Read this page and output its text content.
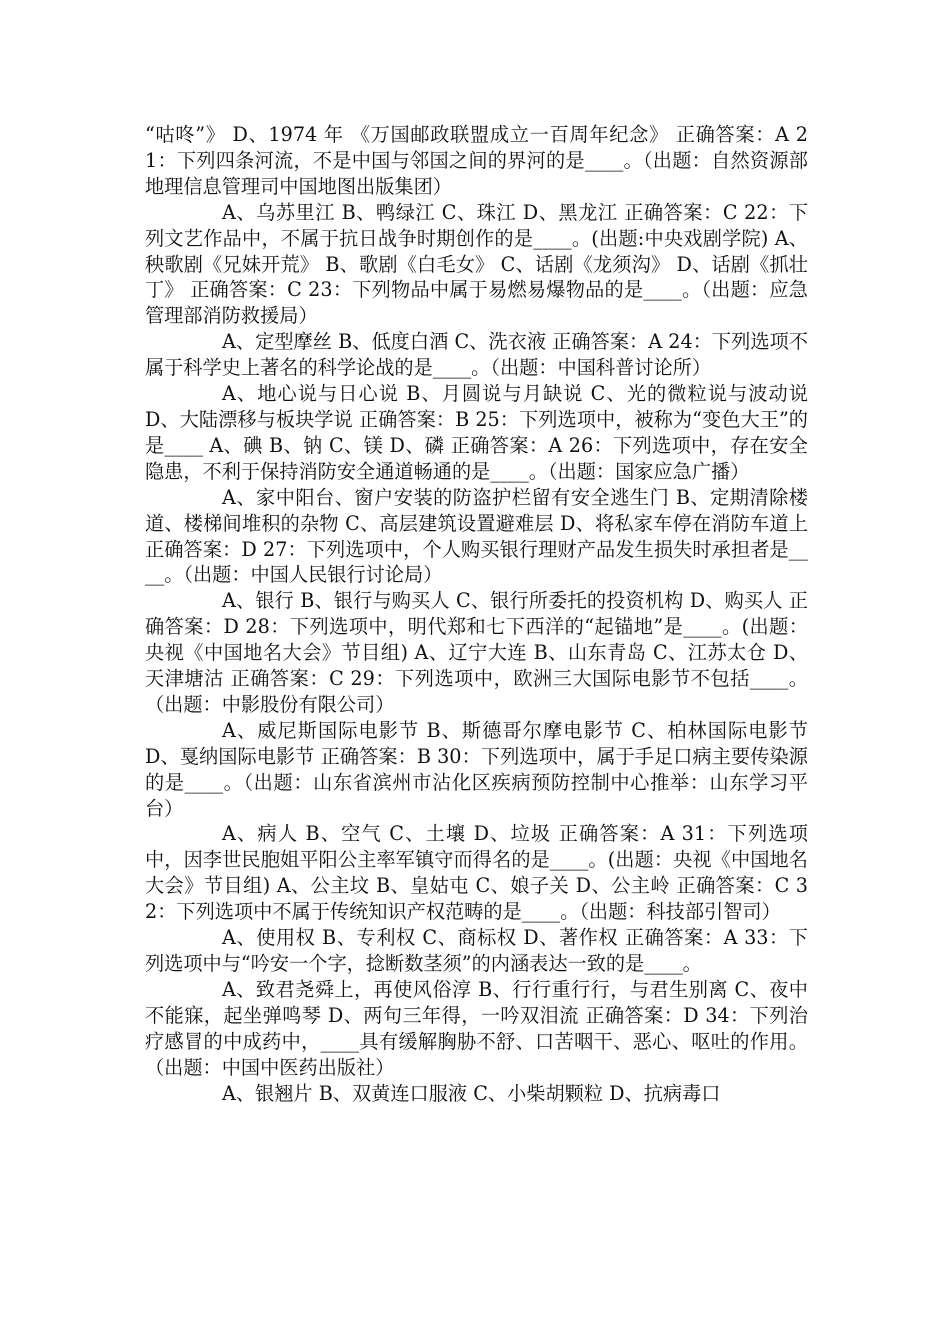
“咕咚”》 D、1974 年 《万国邮政联盟成立一百周年纪念》 正确答案：A 21：下列四条河流，不是中国与邻国之间的界河的是____。（出题：自然资源部地理信息管理司中国地图出版集团）

A、乌苏里江 B、鸭绿江 C、珠江 D、黑龙江 正确答案：C 22：下列文艺作品中，不属于抗日战争时期创作的是____。(出题:中央戏剧学院) A、秧歌剧《兄妹开荒》 B、歌剧《白毛女》 C、话剧《龙须沟》 D、话剧《抓壮丁》 正确答案：C 23：下列物品中属于易燃易爆物品的是____。（出题：应急管理部消防救援局）

A、定型摩丝 B、低度白酒 C、洗衣液 正确答案：A 24：下列选项不属于科学史上著名的科学论战的是____。（出题：中国科普讨论所）

A、地心说与日心说 B、月圆说与月缺说 C、光的微粒说与波动说 D、大陆漂移与板块学说 正确答案：B 25：下列选项中，被称为“变色大王”的是____ A、碘 B、钠 C、镁 D、磷 正确答案：A 26：下列选项中，存在安全隐患，不利于保持消防安全通道畅通的是____。（出题：国家应急广播）

A、家中阳台、窗户安装的防盗护栏留有安全逃生门 B、定期清除楼道、楼梯间堆积的杂物 C、高层建筑设置避难层 D、将私家车停在消防车道上 正确答案：D 27：下列选项中，个人购买银行理财产品发生损失时承担者是____。（出题：中国人民银行讨论局）

A、银行 B、银行与购买人 C、银行所委托的投资机构 D、购买人 正确答案：D 28：下列选项中，明代郑和七下西洋的“起锚地”是____。(出题：央视《中国地名大会》节目组) A、辽宁大连 B、山东青岛 C、江苏太仓 D、天津塘沽 正确答案：C 29：下列选项中，欧洲三大国际电影节不包括____。（出题：中影股份有限公司）

A、威尼斯国际电影节 B、斯德哥尔摩电影节 C、柏林国际电影节 D、戛纳国际电影节 正确答案：B 30：下列选项中，属于手足口病主要传染源的是____。（出题：山东省滨州市沾化区疾病预防控制中心推举：山东学习平台）

A、病人 B、空气 C、土壤 D、垃圾 正确答案：A 31：下列选项中，因李世民胞姐平阳公主率军镇守而得名的是____。(出题：央视《中国地名大会》节目组) A、公主坟 B、皇姑屯 C、娘子关 D、公主岭 正确答案：C 32：下列选项中不属于传统知识产权范畴的是____。（出题：科技部引智司）

A、使用权 B、专利权 C、商标权 D、著作权 正确答案：A 33：下列选项中与“吟安一个字，捻断数茎须”的内涵表达一致的是____。

A、致君尧舜上，再使风俗淳 B、行行重行行，与君生别离 C、夜中不能寐，起坐弹鸣琴 D、两句三年得，一吟双泪流 正确答案：D 34：下列治疗感冒的中成药中，____具有缓解胸胁不舒、口苦咽干、恶心、呕吐的作用。（出题：中国中医药出版社）

A、银翘片 B、双黄连口服液 C、小柴胡颗粒 D、抗病毒口
